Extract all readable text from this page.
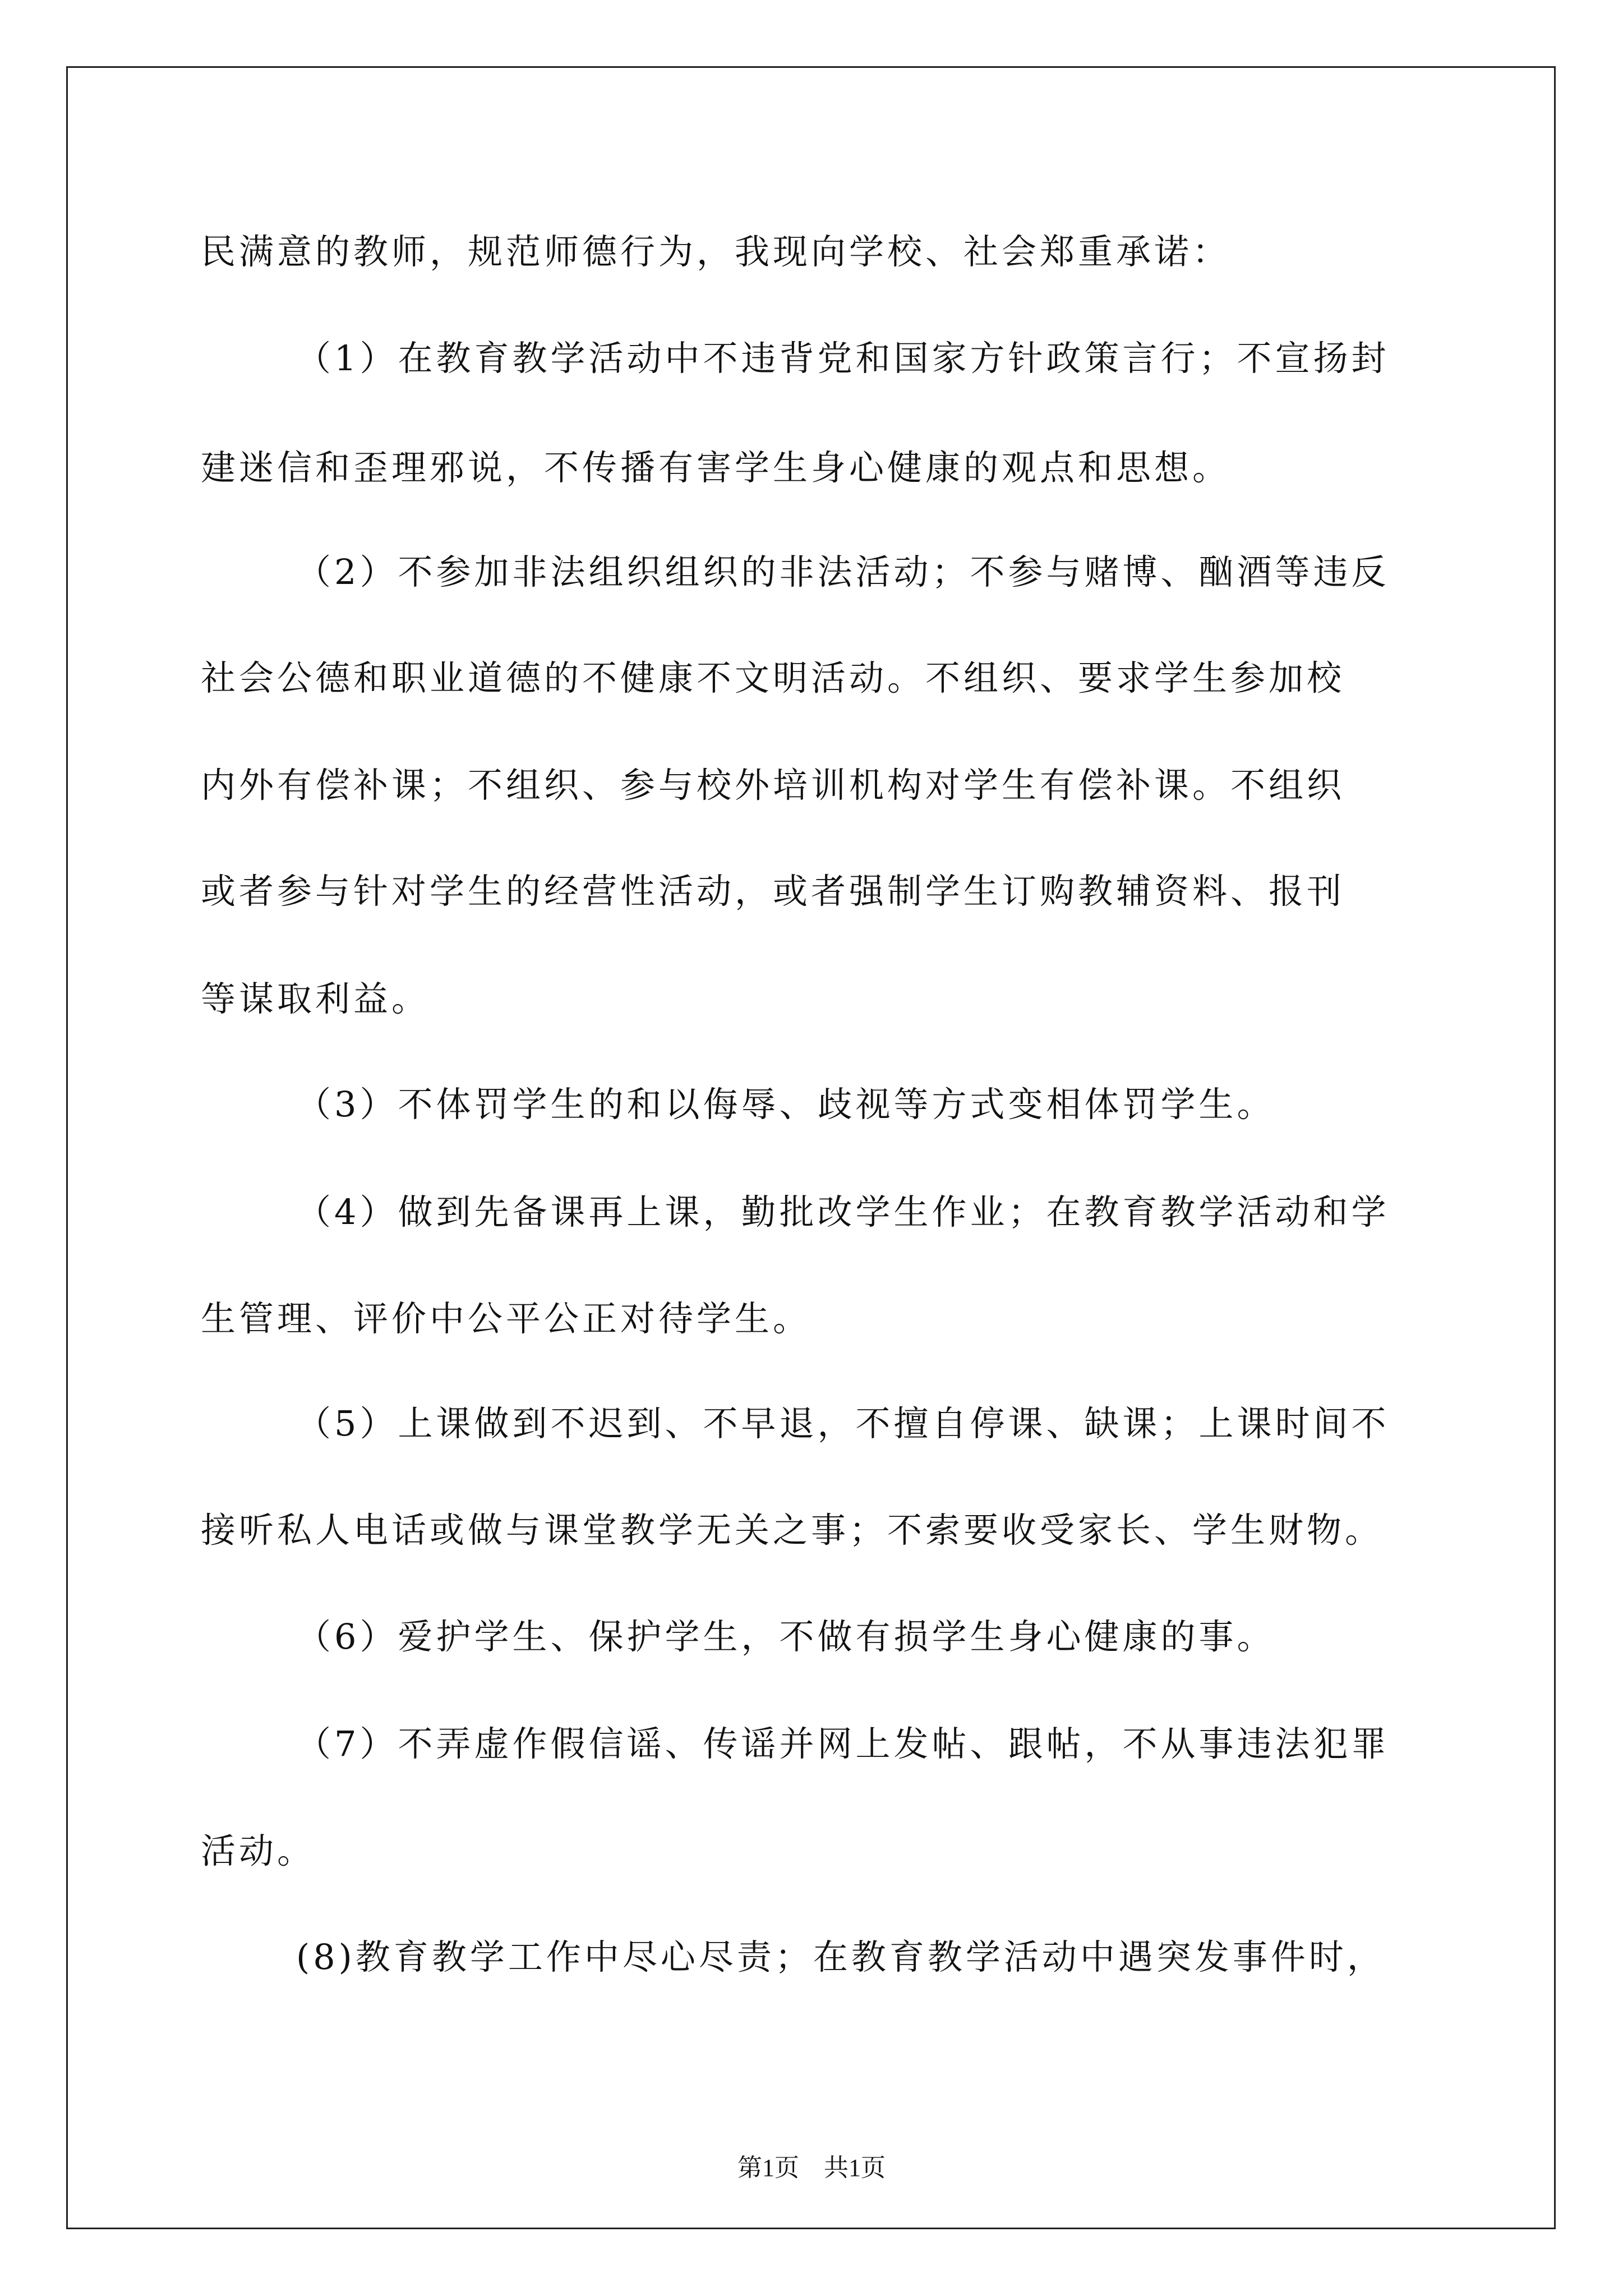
民满意的教师，规范师德行为，我现向学校、社会郑重承诺：
（1）在教育教学活动中不违背党和国家方针政策言行；不宣扬封
建迷信和歪理邪说，不传播有害学生身心健康的观点和思想。
（2）不参加非法组织组织的非法活动；不参与赌博、酗酒等违反
社会公德和职业道德的不健康不文明活动。不组织、要求学生参加校
内外有偿补课；不组织、参与校外培训机构对学生有偿补课。不组织
或者参与针对学生的经营性活动，或者强制学生订购教辅资料、报刊
等谋取利益。
（3）不体罚学生的和以侮辱、歧视等方式变相体罚学生。
（4）做到先备课再上课，勤批改学生作业；在教育教学活动和学
生管理、评价中公平公正对待学生。
（5）上课做到不迟到、不早退，不擅自停课、缺课；上课时间不
接听私人电话或做与课堂教学无关之事；不索要收受家长、学生财物。
（6）爱护学生、保护学生，不做有损学生身心健康的事。
（7）不弄虚作假信谣、传谣并网上发帖、跟帖，不从事违法犯罪
活动。
(8)教育教学工作中尽心尽责；在教育教学活动中遇突发事件时，
第1页　共1页
